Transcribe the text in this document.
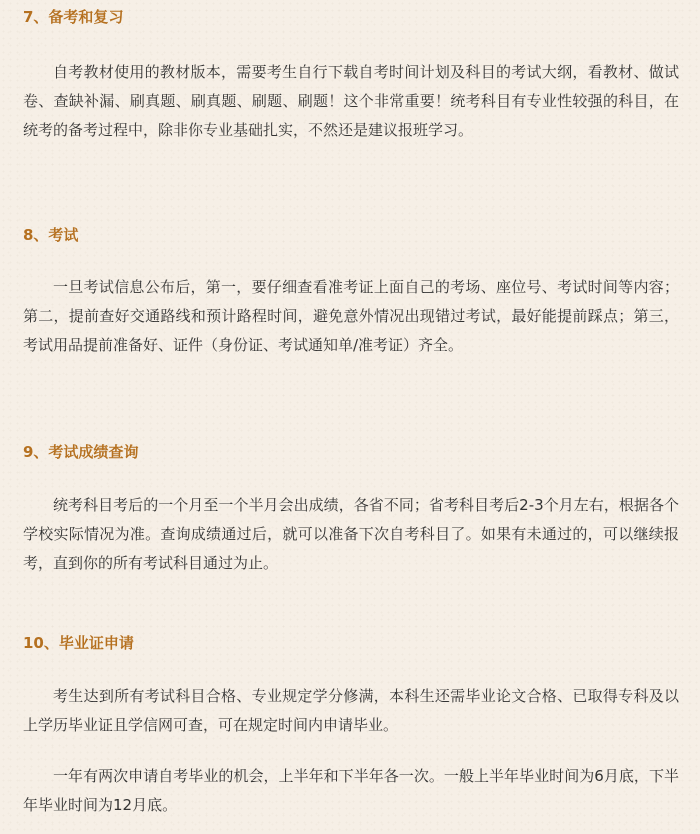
7、备考和复习

自考教材使用的教材版本，需要考生自行下载自考时间计划及科目的考试大纲，看教材、做试卷、查缺补漏、刷真题、刷真题、刷题、刷题！这个非常重要！统考科目有专业性较强的科目，在统考的备考过程中，除非你专业基础扎实，不然还是建议报班学习。

8、考试

一旦考试信息公布后，第一，要仔细查看准考证上面自己的考场、座位号、考试时间等内容；第二，提前查好交通路线和预计路程时间，避免意外情况出现错过考试，最好能提前踩点；第三，考试用品提前准备好、证件（身份证、考试通知单/准考证）齐全。

9、考试成绩查询

统考科目考后的一个月至一个半月会出成绩，各省不同；省考科目考后2-3个月左右，根据各个学校实际情况为准。查询成绩通过后，就可以准备下次自考科目了。如果有未通过的，可以继续报考，直到你的所有考试科目通过为止。

10、毕业证申请

考生达到所有考试科目合格、专业规定学分修满，本科生还需毕业论文合格、已取得专科及以上学历毕业证且学信网可查，可在规定时间内申请毕业。

一年有两次申请自考毕业的机会，上半年和下半年各一次。一般上半年毕业时间为6月底，下半年毕业时间为12月底。
